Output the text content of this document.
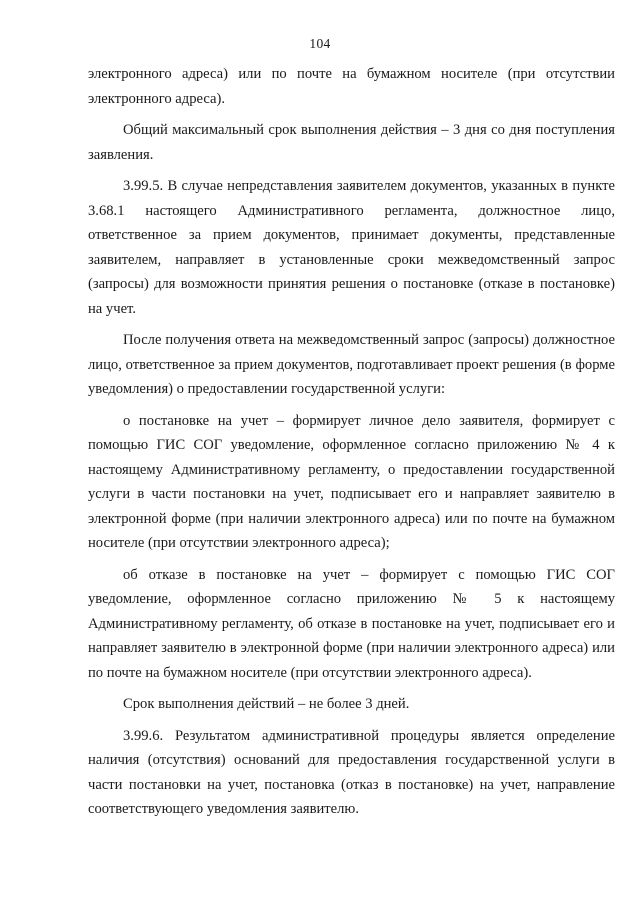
104

электронного адреса) или по почте на бумажном носителе (при отсутствии электронного адреса).

Общий максимальный срок выполнения действия – 3 дня со дня поступления заявления.

3.99.5. В случае непредставления заявителем документов, указанных в пункте 3.68.1 настоящего Административного регламента, должностное лицо, ответственное за прием документов, принимает документы, представленные заявителем, направляет в установленные сроки межведомственный запрос (запросы) для возможности принятия решения о постановке (отказе в постановке) на учет.

После получения ответа на межведомственный запрос (запросы) должностное лицо, ответственное за прием документов, подготавливает проект решения (в форме уведомления) о предоставлении государственной услуги:

о постановке на учет – формирует личное дело заявителя, формирует с помощью ГИС СОГ уведомление, оформленное согласно приложению № 4 к настоящему Административному регламенту, о предоставлении государственной услуги в части постановки на учет, подписывает его и направляет заявителю в электронной форме (при наличии электронного адреса) или по почте на бумажном носителе (при отсутствии электронного адреса);

об отказе в постановке на учет – формирует с помощью ГИС СОГ уведомление, оформленное согласно приложению № 5 к настоящему Административному регламенту, об отказе в постановке на учет, подписывает его и направляет заявителю в электронной форме (при наличии электронного адреса) или по почте на бумажном носителе (при отсутствии электронного адреса).

Срок выполнения действий – не более 3 дней.

3.99.6. Результатом административной процедуры является определение наличия (отсутствия) оснований для предоставления государственной услуги в части постановки на учет, постановка (отказ в постановке) на учет, направление соответствующего уведомления заявителю.
